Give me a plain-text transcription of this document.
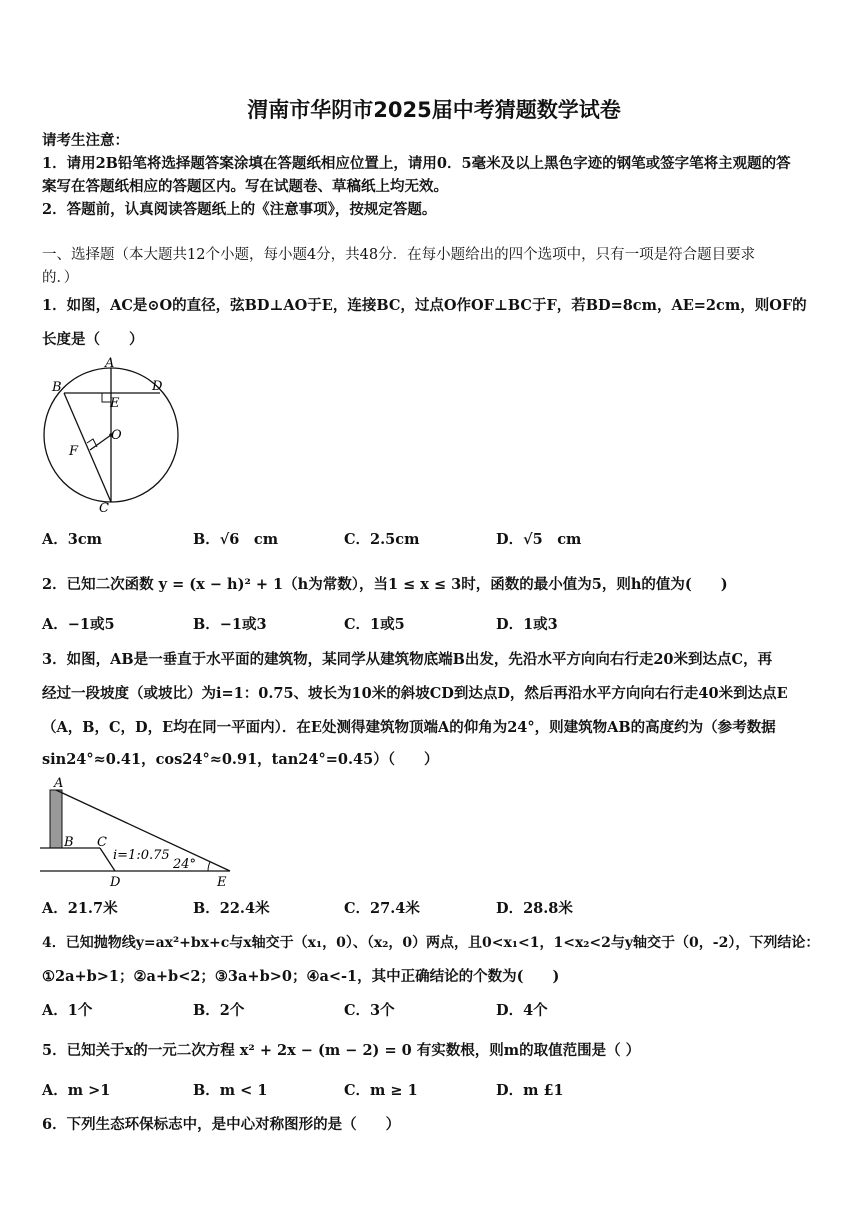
渭南市华阴市2025届中考猜题数学试卷
请考生注意：
1．请用2B铅笔将选择题答案涂填在答题纸相应位置上，请用0．5毫米及以上黑色字迹的钢笔或签字笔将主观题的答
案写在答题纸相应的答题区内。写在试题卷、草稿纸上均无效。
2．答题前，认真阅读答题纸上的《注意事项》，按规定答题。
一、选择题（本大题共12个小题，每小题4分，共48分．在每小题给出的四个选项中，只有一项是符合题目要求
的．）
1．如图，AC是⊙O的直径，弦BD⊥AO于E，连接BC，过点O作OF⊥BC于F，若BD=8cm，AE=2cm，则OF的
长度是（　　）
A
B	D
E
O
F
C
A．3cm	B．√6　cm	C．2.5cm	D．√5　cm
2．已知二次函数 y = (x − h)² + 1（h为常数），当1 ≤ x ≤ 3时，函数的最小值为5，则h的值为(　　)
A．−1或5	B．−1或3	C．1或5	D．1或3
3．如图，AB是一垂直于水平面的建筑物，某同学从建筑物底端B出发，先沿水平方向向右行走20米到达点C，再
经过一段坡度（或坡比）为i=1：0.75、坡长为10米的斜坡CD到达点D，然后再沿水平方向向右行走40米到达点E
（A，B，C，D，E均在同一平面内）．在E处测得建筑物顶端A的仰角为24°，则建筑物AB的高度约为（参考数据
sin24°≈0.41，cos24°≈0.91，tan24°=0.45）（　　）
A
B C
D	E
i=1:0.75
24°
A．21.7米	B．22.4米	C．27.4米	D．28.8米
4．已知抛物线y=ax²+bx+c与x轴交于（x₁，0）、（x₂，0）两点，且0<x₁<1，1<x₂<2与y轴交于（0，-2），下列结论：
①2a+b>1；②a+b<2；③3a+b>0；④a<-1，其中正确结论的个数为(　　)
A．1个	B．2个	C．3个	D．4个
5．已知关于x的一元二次方程 x² + 2x − (m − 2) = 0 有实数根，则m的取值范围是（ ）
A．m >1	B．m < 1	C．m ≥ 1	D．m £1
6．下列生态环保标志中，是中心对称图形的是（　　）
